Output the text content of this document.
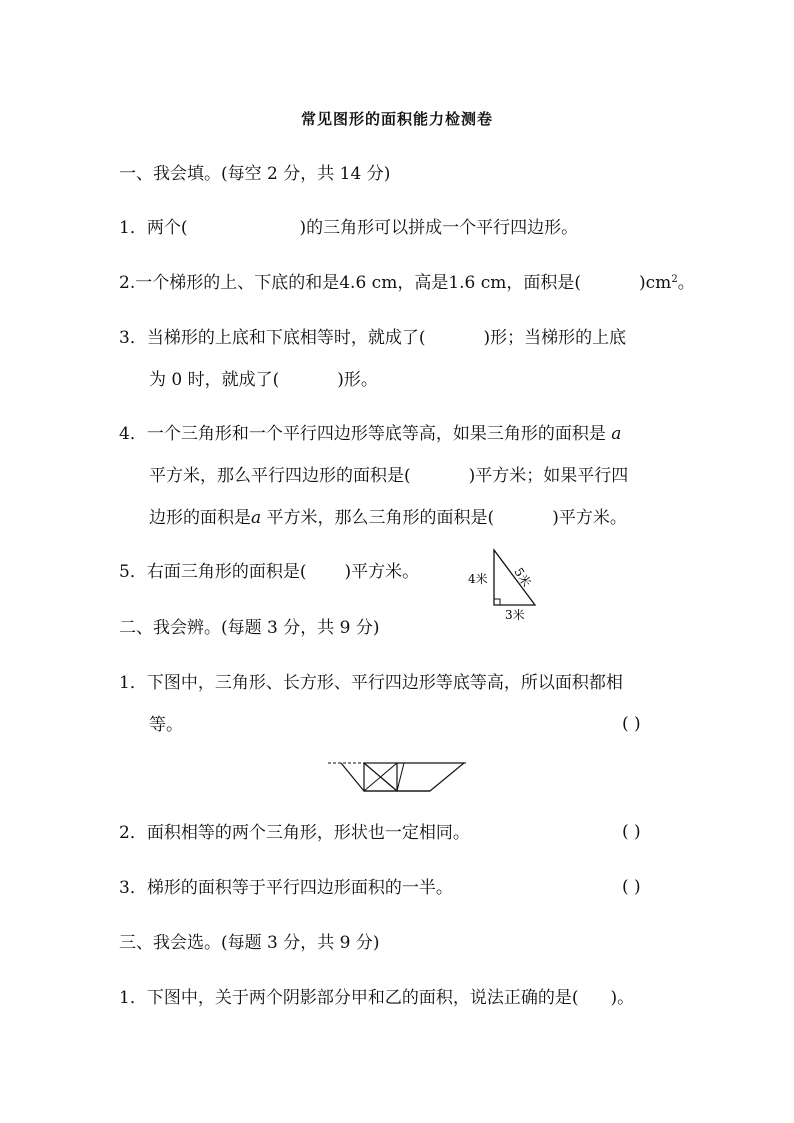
常见图形的面积能力检测卷
一、我会填。(每空 2 分，共 14 分)
1．两个(	)的三角形可以拼成一个平行四边形。
2.一个梯形的上、下底的和是4.6 cm，高是1.6 cm，面积是(	)$cm^2$。
3．当梯形的上底和下底相等时，就成了(	)形；当梯形的上底
为 0 时，就成了(	)形。
4．一个三角形和一个平行四边形等底等高，如果三角形的面积是 a
平方米，那么平行四边形的面积是(	)平方米；如果平行四
边形的面积是a 平方米，那么三角形的面积是(	)平方米。
5．右面三角形的面积是( )平方米。	4米 5米
3米
二、我会辨。(每题 3 分，共 9 分)
1．下图中，三角形、长方形、平行四边形等底等高，所以面积都相
等。	( )
2．面积相等的两个三角形，形状也一定相同。	( )
3．梯形的面积等于平行四边形面积的一半。	( )
三、我会选。(每题 3 分，共 9 分)
1．下图中，关于两个阴影部分甲和乙的面积，说法正确的是( )。
